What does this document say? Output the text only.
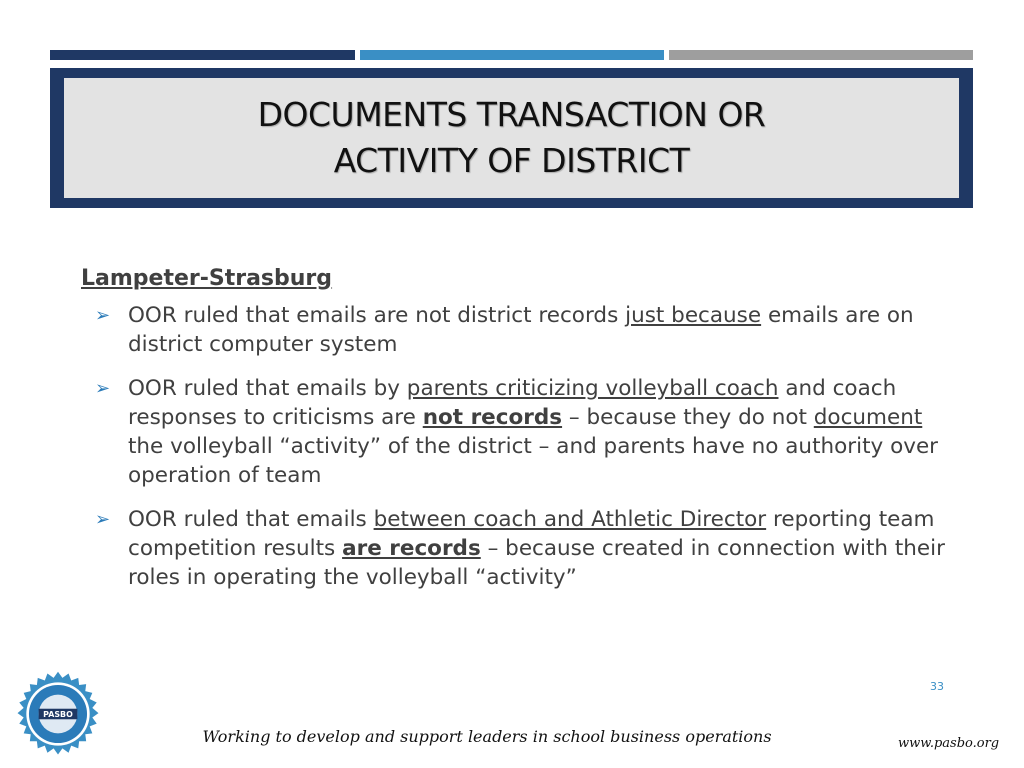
DOCUMENTS TRANSACTION OR
ACTIVITY OF DISTRICT
Lampeter-Strasburg
➢ OOR ruled that emails are not district records just because emails are on district computer system
➢ OOR ruled that emails by parents criticizing volleyball coach and coach responses to criticisms are not records – because they do not document the volleyball “activity” of the district – and parents have no authority over operation of team
➢ OOR ruled that emails between coach and Athletic Director reporting team competition results are records – because created in connection with their roles in operating the volleyball “activity”
33
PASBO
Working to develop and support leaders in school business operations	www.pasbo.org
